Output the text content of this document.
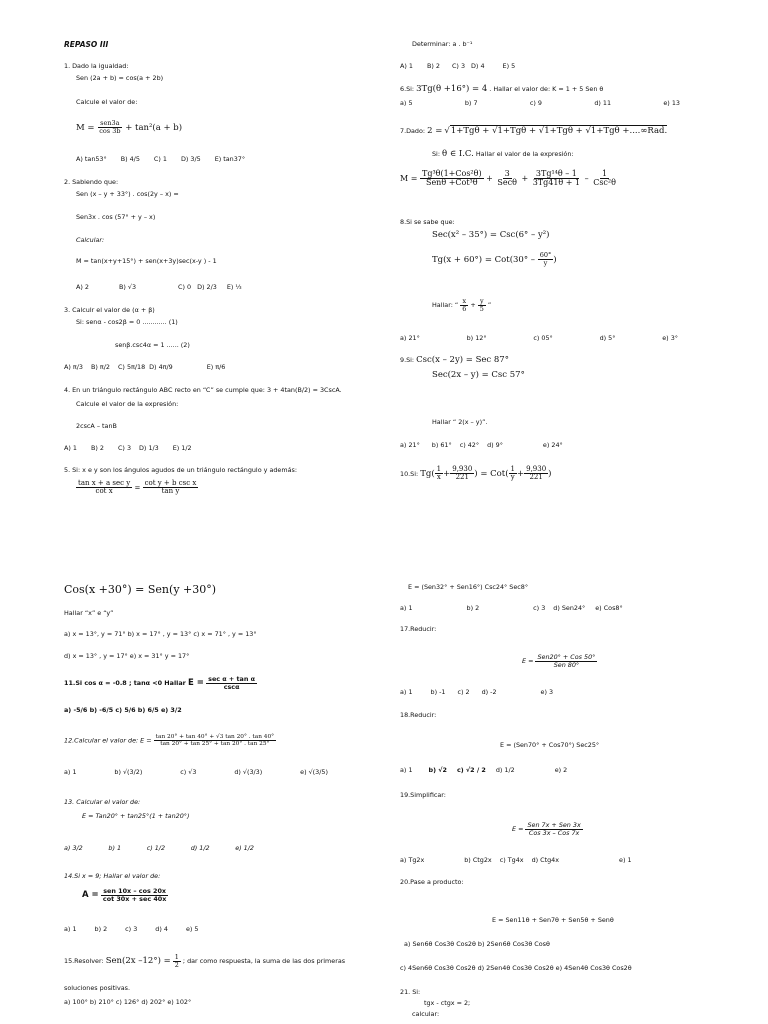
REPASO III
1. Dado la igualdad:
Sen (2a + b) = cos(a + 2b)
Calcule el valor de:
$M = \frac{\text{sen3a}}{\cos 3b} + \tan^2(a + b)$
A) tan53° B) 4/5 C) 1 D) 3/5 E) tan37°
2. Sabiendo que:
Sen (x – y + 33°) . cos(2y – x) =
Sen3x . cos (57° + y – x)
Calcular:
M = tan(x+y+15°) + sen(x+3y)sec(x-y ) - 1
A) 2	B) √3	C) 0 D) 2/3 E) ⅓
3. Calculr el valor de (α + β)
Si: senα - cos2β = 0 ............ (1)
senβ.csc4α = 1 ...... (2)
A) π/3 B) π/2 C) 5π/18 D) 4π/9	E) π/6
4. En un triángulo rectángulo ABC recto en “C” se cumple que: 3 + 4tan(B/2) = 3CscA.
Calcule el valor de la expresión:
2cscA – tanB
A) 1 B) 2 C) 3 D) 1/3 E) 1/2
5. Si: x e y son los ángulos agudos de un triángulo rectángulo y además:
$\frac{\text{tan x + a sec y}}{\text{cot x}} = \frac{\text{cot y + b csc x}}{\text{tan y}}$
Determinar: a . b⁻¹
A) 1 B) 2 C) 3 D) 4	E) 5
6.Si: 3Tg(θ +16°) = 4 . Hallar el valor de: K = 1 + 5 Sen θ
a) 5	b) 7	c) 9	d) 11	e) 13
7.Dado: 2 = √1+Tgθ + √1+Tgθ + √1+Tgθ + √1+Tgθ +....∞Rad.
Si: θ ∈ I.C. Hallar el valor de la expresión:
$M = \frac{\text{Tg³θ(1+Cos²θ)}}{\text{Senθ +Cot³θ}} + \frac{3}{\text{Secθ}} + \frac{\text{3Tg¹⁴θ – 1}}{3Tg41\theta + 1} - \frac{1}{\text{Csc²θ}}$
8.Si se sabe que:
Sec(x² – 35°) = Csc(6° – y²)
$Tg(x + 60^\circ) = Cot(30^\circ - \frac{60^\circ}{y}$ )
Hallar: “ $\frac{x}{6} + \frac{y}{5}$ ”
a) 21°	b) 12°	c) 05°	d) 5°	e) 3°
9.Si: Csc(x – 2y) = Sec 87°
Sec(2x – y) = Csc 57°
Hallar “ 2(x – y)”.
a) 21° b) 61° c) 42° d) 9°	e) 24°
10.Si: $Tg( \frac{1}{x} + \frac{9,930}{221}$ ) = $Cot( \frac{1}{y} + \frac{9,930}{221}$ )
Cos(x +30°) = Sen(y +30°)
Hallar “x” e “y”
a) x = 13°, y = 71° b) x = 17° , y = 13° c) x = 71° , y = 13°
d) x = 13° , y = 17° e) x = 31° y = 17°
11.Si cos α = -0.8 ; tanα <0 Hallar $E = \frac{\text{sec α + tan α}}{\csc\alpha}$
a) -5/6 b) -6/5 c) 5/6 b) 6/5 e) 3/2
12.Calcular el valor de: $E = \frac{\tan 20^\circ + \tan 40^\circ + √3 \tan 20^\circ . \tan 40^\circ}{\tan 20^\circ + \tan 25^\circ + \tan 20^\circ . \tan 25^\circ}$
a) 1	b) √(3/2)	c) √3	d) √(3/3)	e) √(3/5)
13. Calcular el valor de:
E = Tan20° + tan25°(1 + tan20°)
a) 3/2	b) 1	c) 1/2	d) 1/2	e) 1/2
14.Si x = 9; Hallar el valor de:
$A = \frac{\text{sen 10x – cos 20x}}{\cot 30x + \sec 40x}$
a) 1	b) 2	c) 3	d) 4	e) 5
15.Resolver: Sen(2x $-12^\circ) = \frac{1}{2}$ ; dar como respuesta, la suma de las dos primeras
soluciones positivas.
a) 100° b) 210° c) 126° d) 202° e) 102°
E = (Sen32° + Sen16°) Csc24° Sec8°
a) 1	b) 2	c) 3 d) Sen24° e) Cos8°
17.Reducir:
$E = \frac{\text{Sen20° + Cos 50°}}{\text{Sen 80°}}$
a) 1	b) -1 c) 2 d) -2	e) 3
18.Reducir:
E = (Sen70° + Cos70°) Sec25°
a) 1	b) √2 c) √2 / 2 d) 1/2	e) 2
19.Simplificar:
$E = \frac{\text{Sen 7x + Sen 3x}}{\text{Cos 3x – Cos 7x}}$
a) Tg2x	b) Ctg2x c) Tg4x d) Ctg4x	e) 1
20.Pase a producto:
E = Sen11θ + Sen7θ + Sen5θ + Senθ
a) Sen6θ Cos3θ Cos2θ b) 2Sen6θ Cos3θ Cosθ
c) 4Sen6θ Cos3θ Cos2θ d) 2Sen4θ Cos3θ Cos2θ e) 4Sen4θ Cos3θ Cos2θ
21. Si:
tgx - ctgx = 2;
calcular:
